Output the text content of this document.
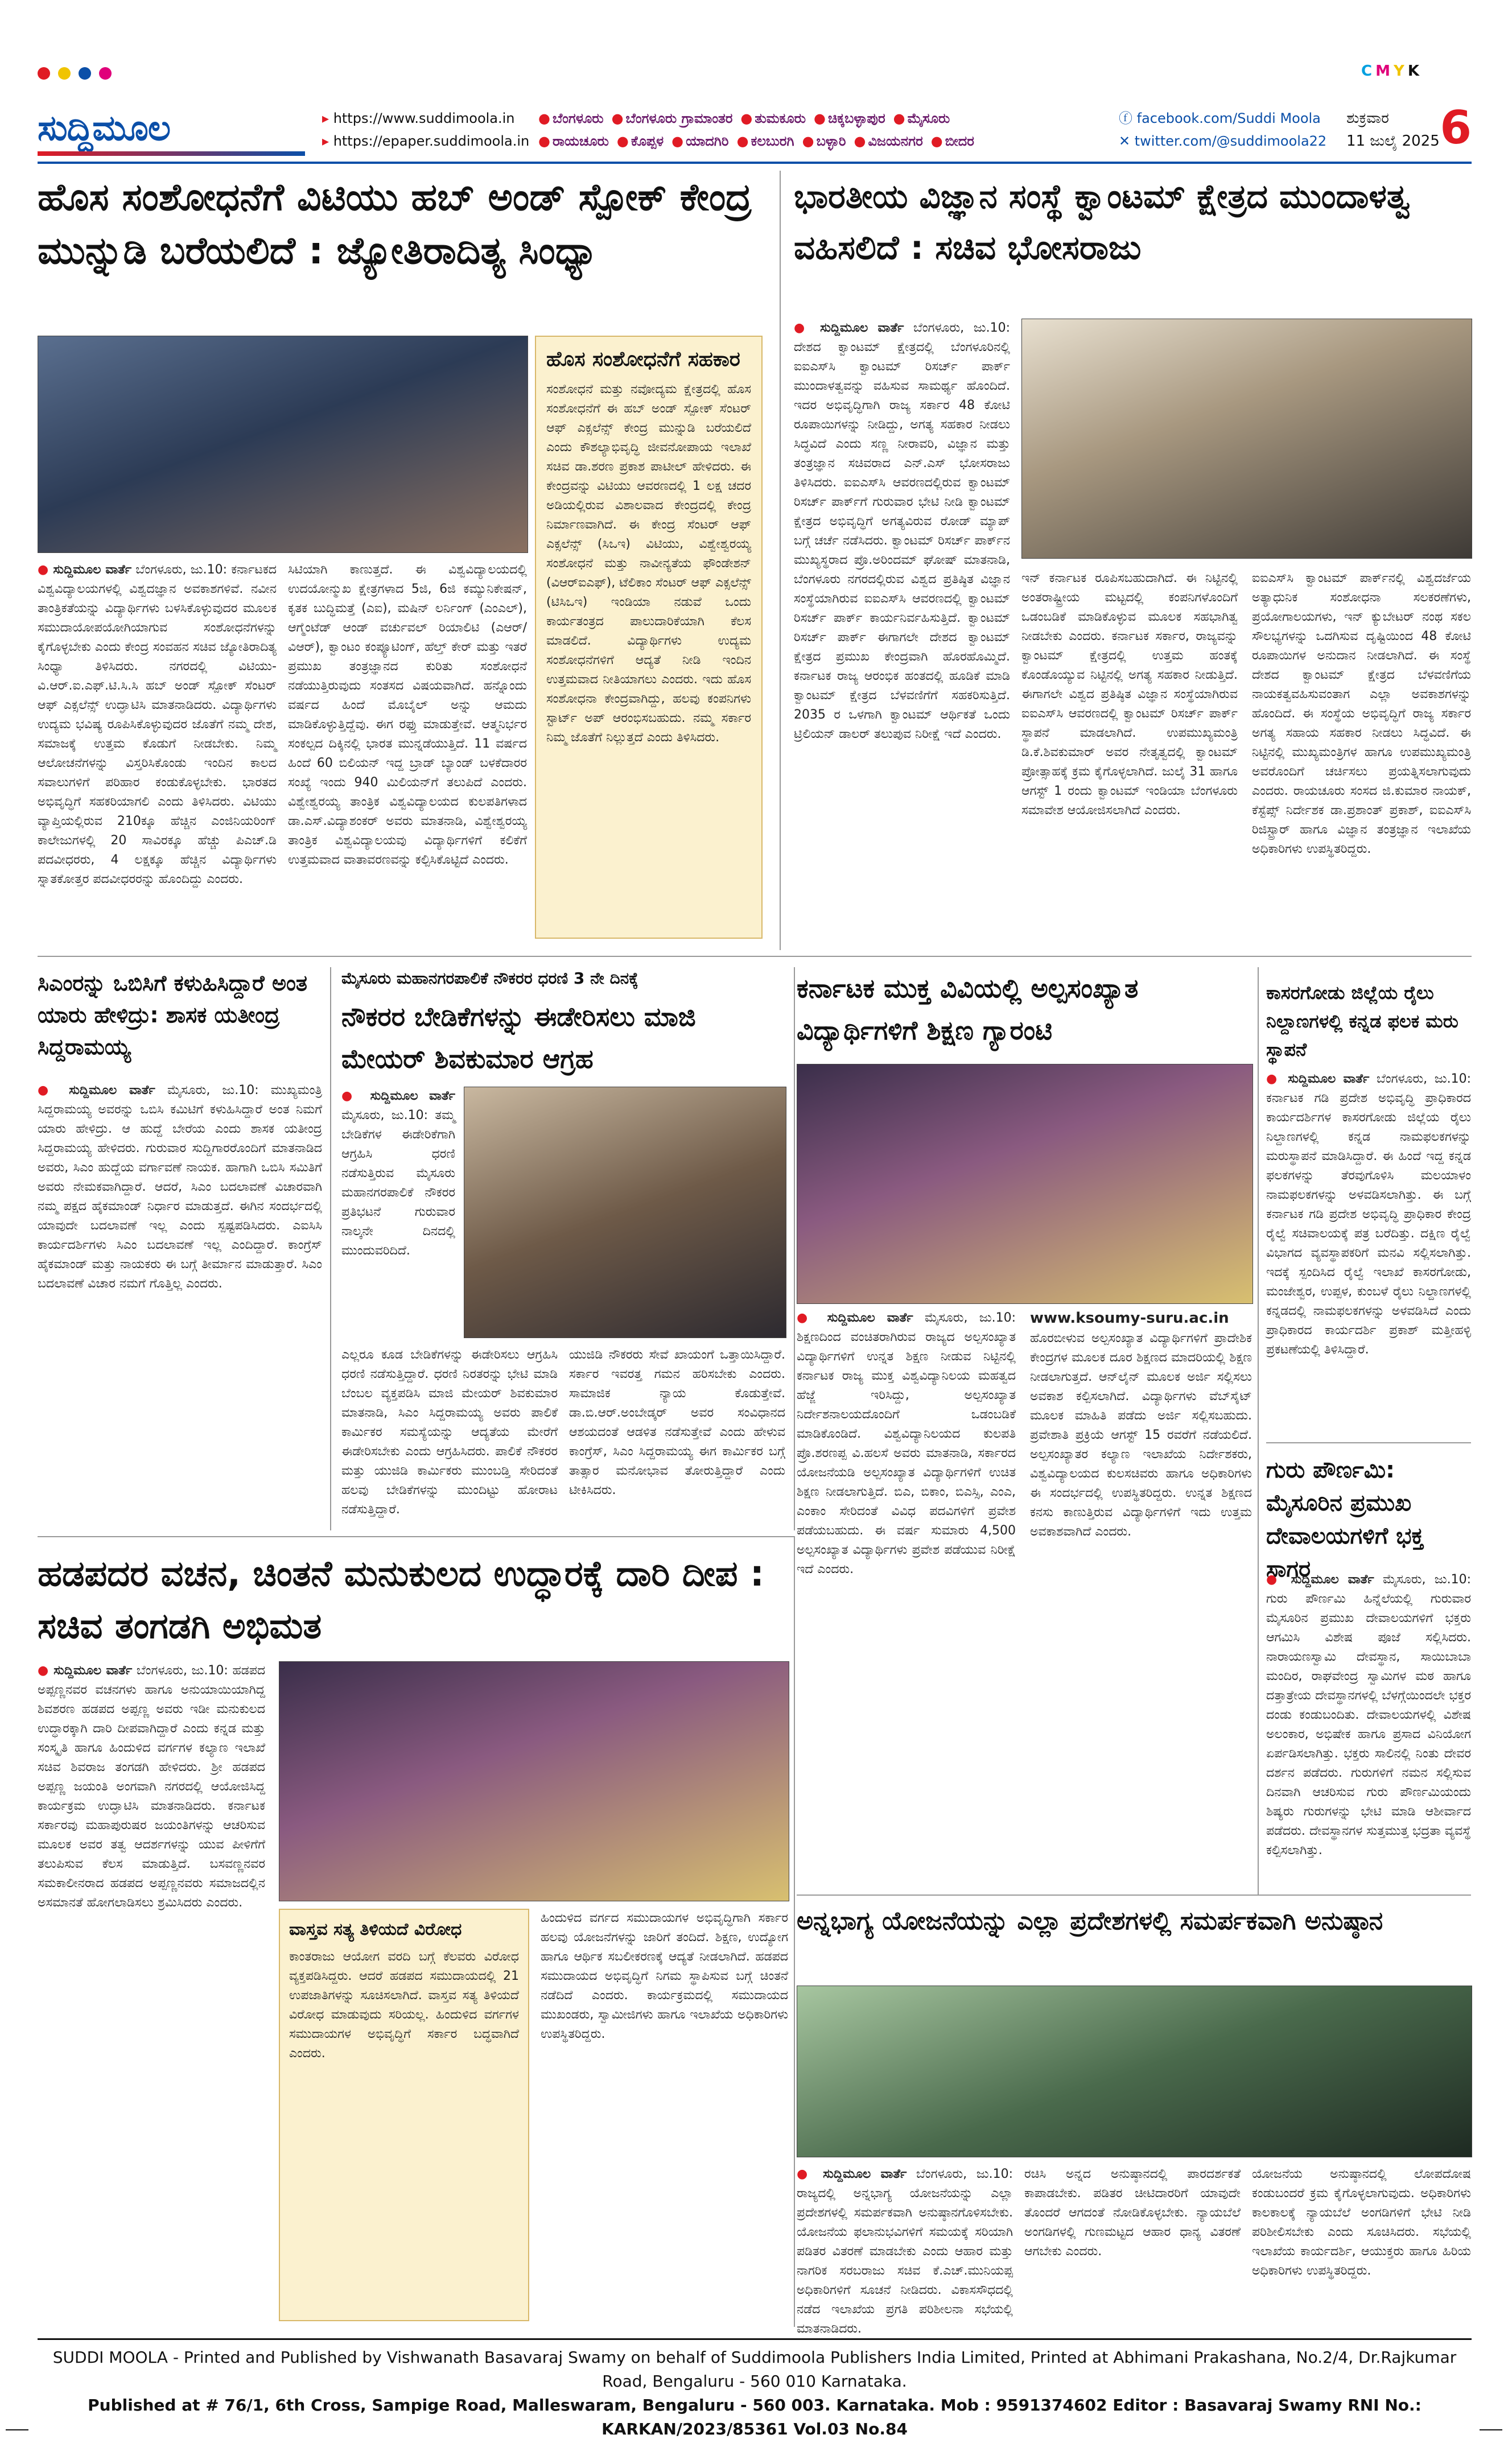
CMYK
ಸುದ್ದಿಮೂಲ	▸ https://www.suddimoola.in
▸ https://epaper.suddimoola.in
● ಬೆಂಗಳೂರು ● ಬೆಂಗಳೂರು ಗ್ರಾಮಾಂತರ ● ತುಮಕೂರು ● ಚಿಕ್ಕಬಳ್ಳಾಪುರ ● ಮೈಸೂರು
● ರಾಯಚೂರು ● ಕೊಪ್ಪಳ ● ಯಾದಗಿರಿ ● ಕಲಬುರಗಿ ● ಬಳ್ಳಾರಿ ● ವಿಜಯನಗರ ● ಬೀದರ
ⓕ facebook.com/Suddi Moola
✕ twitter.com/@suddimoola22
ಶುಕ್ರವಾರ
11 ಜುಲೈ 2025 6
ಹೊಸ ಸಂಶೋಧನೆಗೆ ವಿಟಿಯು ಹಬ್ ಅಂಡ್ ಸ್ಪೋಕ್ ಕೇಂದ್ರ ಮುನ್ನುಡಿ ಬರೆಯಲಿದೆ : ಜ್ಯೋತಿರಾದಿತ್ಯ ಸಿಂಧ್ಯಾ
ಹೊಸ ಸಂಶೋಧನೆಗೆ ಸಹಕಾರ
ಸಂಶೋಧನೆ ಮತ್ತು ನವೋದ್ಯಮ ಕ್ಷೇತ್ರದಲ್ಲಿ ಹೊಸ ಸಂಶೋಧನೆಗೆ ಈ ಹಬ್ ಅಂಡ್ ಸ್ಪೋಕ್ ಸೆಂಟರ್ ಆಫ್ ಎಕ್ಸಲೆನ್ಸ್ ಕೇಂದ್ರ ಮುನ್ನುಡಿ ಬರೆಯಲಿದೆ ಎಂದು ಕೌಶಲ್ಯಾಭಿವೃದ್ಧಿ ಜೀವನೋಪಾಯ ಇಲಾಖೆ ಸಚಿವ ಡಾ.ಶರಣ ಪ್ರಕಾಶ ಪಾಟೀಲ್ ಹೇಳಿದರು. ಈ ಕೇಂದ್ರವನ್ನು ವಿಟಿಯು ಆವರಣದಲ್ಲಿ 1 ಲಕ್ಷ ಚದರ ಅಡಿಯಲ್ಲಿರುವ ವಿಶಾಲವಾದ ಕೇಂದ್ರದಲ್ಲಿ ಕೇಂದ್ರ ನಿರ್ಮಾಣವಾಗಿದೆ. ಈ ಕೇಂದ್ರ ಸೆಂಟರ್ ಆಫ್ ಎಕ್ಸಲೆನ್ಸ್ (ಸಿಒಇ) ವಿಟಿಯು, ವಿಶ್ವೇಶ್ವರಯ್ಯ ಸಂಶೋಧನೆ ಮತ್ತು ನಾವೀನ್ಯತೆಯ ಫೌಂಡೇಶನ್ (ವಿಆರ್‌ಐಎಫ್), ಟೆಲಿಕಾಂ ಸೆಂಟರ್ ಆಫ್ ಎಕ್ಸಲೆನ್ಸ್ (ಟಿಸಿಒಇ) ಇಂಡಿಯಾ ನಡುವೆ ಒಂದು ಕಾರ್ಯತಂತ್ರದ ಪಾಲುದಾರಿಕೆಯಾಗಿ ಕೆಲಸ ಮಾಡಲಿದೆ. ವಿದ್ಯಾರ್ಥಿಗಳು ಉದ್ಯಮ ಸಂಶೋಧನೆಗಳಿಗೆ ಆದ್ಯತೆ ನೀಡಿ ಇಂದಿನ ಉತ್ತಮವಾದ ನೀತಿಯಾಗಲು ಎಂದರು. ಇದು ಹೊಸ ಸಂಶೋಧನಾ ಕೇಂದ್ರವಾಗಿದ್ದು, ಹಲವು ಕಂಪನಿಗಳು ಸ್ಟಾರ್ಟ್ ಅಪ್ ಆರಂಭಿಸಬಹುದು. ನಮ್ಮ ಸರ್ಕಾರ ನಿಮ್ಮ ಜೊತೆಗೆ ನಿಲ್ಲುತ್ತದೆ ಎಂದು ತಿಳಿಸಿದರು.
● ಸುದ್ದಿಮೂಲ ವಾರ್ತೆ ಬೆಂಗಳೂರು, ಜು.10: ಕರ್ನಾಟಕದ ವಿಶ್ವವಿದ್ಯಾಲಯಗಳಲ್ಲಿ ವಿಶ್ವದಜ್ಞಾನ ಅವಕಾಶಗಳಿವೆ. ನವೀನ ತಾಂತ್ರಿಕತೆಯನ್ನು ವಿದ್ಯಾರ್ಥಿಗಳು ಬಳಸಿಕೊಳ್ಳುವುದರ ಮೂಲಕ ಸಮುದಾಯೋಪಯೋಗಿಯಾಗುವ ಸಂಶೋಧನೆಗಳನ್ನು ಕೈಗೊಳ್ಳಬೇಕು ಎಂದು ಕೇಂದ್ರ ಸಂವಹನ ಸಚಿವ ಜ್ಯೋತಿರಾದಿತ್ಯ ಸಿಂಧ್ಯಾ ತಿಳಿಸಿದರು. ನಗರದಲ್ಲಿ ವಿಟಿಯು-ವಿ.ಆರ್.ಐ.ಎಫ್.ಟಿ.ಸಿ.ಸಿ ಹಬ್ ಅಂಡ್ ಸ್ಪೋಕ್ ಸೆಂಟರ್ ಆಫ್ ಎಕ್ಸಲೆನ್ಸ್ ಉದ್ಘಾಟಿಸಿ ಮಾತನಾಡಿದರು. ವಿದ್ಯಾರ್ಥಿಗಳು ಉದ್ಯಮ ಭವಿಷ್ಯ ರೂಪಿಸಿಕೊಳ್ಳುವುದರ ಜೊತೆಗೆ ನಮ್ಮ ದೇಶ, ಸಮಾಜಕ್ಕೆ ಉತ್ತಮ ಕೊಡುಗೆ ನೀಡಬೇಕು. ನಿಮ್ಮ ಆಲೋಚನೆಗಳನ್ನು ವಿಸ್ತರಿಸಿಕೊಂಡು ಇಂದಿನ ಕಾಲದ ಸವಾಲುಗಳಿಗೆ ಪರಿಹಾರ ಕಂಡುಕೊಳ್ಳಬೇಕು. ಭಾರತದ ಅಭಿವೃದ್ಧಿಗೆ ಸಹಕರಿಯಾಗಲಿ ಎಂದು ತಿಳಿಸಿದರು. ವಿಟಿಯು ವ್ಯಾಪ್ತಿಯಲ್ಲಿರುವ 210ಕ್ಕೂ ಹೆಚ್ಚಿನ ಎಂಜಿನಿಯರಿಂಗ್ ಕಾಲೇಜುಗಳಲ್ಲಿ 20 ಸಾವಿರಕ್ಕೂ ಹೆಚ್ಚು ಪಿಎಚ್.ಡಿ ಪದವೀಧರರು, 4 ಲಕ್ಷಕ್ಕೂ ಹೆಚ್ಚಿನ ವಿದ್ಯಾರ್ಥಿಗಳು ಸ್ನಾತಕೋತ್ತರ ಪದವೀಧರರನ್ನು ಹೊಂದಿದ್ದು ಎಂದರು.
ಸಿಟಿಯಾಗಿ ಕಾಣುತ್ತದೆ. ಈ ವಿಶ್ವವಿದ್ಯಾಲಯದಲ್ಲಿ ಉದಯೋನ್ಮುಖ ಕ್ಷೇತ್ರಗಳಾದ 5ಜಿ, 6ಜಿ ಕಮ್ಯುನಿಕೇಷನ್, ಕೃತಕ ಬುದ್ಧಿಮತ್ತೆ (ಎಐ), ಮಷಿನ್ ಲರ್ನಿಂಗ್ (ಎಂಎಲ್), ಆಗ್ಮೆಂಟೆಡ್ ಆಂಡ್ ವರ್ಚುವಲ್ ರಿಯಾಲಿಟಿ (ಎಆರ್/ವಿಆರ್), ಕ್ವಾಂಟಂ ಕಂಪ್ಯೂಟಿಂಗ್, ಹೆಲ್ತ್ ಕೇರ್ ಮತ್ತು ಇತರೆ ಪ್ರಮುಖ ತಂತ್ರಜ್ಞಾನದ ಕುರಿತು ಸಂಶೋಧನೆ ನಡೆಯುತ್ತಿರುವುದು ಸಂತಸದ ವಿಷಯವಾಗಿದೆ. ಹನ್ನೊಂದು ವರ್ಷದ ಹಿಂದೆ ಮೊಬೈಲ್ ಅನ್ನು ಆಮದು ಮಾಡಿಕೊಳ್ಳುತ್ತಿದ್ದೆವು. ಈಗ ರಫ್ತು ಮಾಡುತ್ತೇವೆ. ಆತ್ಮನಿರ್ಭರ ಸಂಕಲ್ಪದ ದಿಕ್ಕಿನಲ್ಲಿ ಭಾರತ ಮುನ್ನಡೆಯುತ್ತಿದೆ. 11 ವರ್ಷದ ಹಿಂದೆ 60 ಬಿಲಿಯನ್ ಇದ್ದ ಬ್ರಾಡ್ ಬ್ಯಾಂಡ್ ಬಳಕೆದಾರರ ಸಂಖ್ಯೆ ಇಂದು 940 ಮಿಲಿಯನ್‌ಗೆ ತಲುಪಿದೆ ಎಂದರು. ವಿಶ್ವೇಶ್ವರಯ್ಯ ತಾಂತ್ರಿಕ ವಿಶ್ವವಿದ್ಯಾಲಯದ ಕುಲಪತಿಗಳಾದ ಡಾ.ಎಸ್.ವಿದ್ಯಾಶಂಕರ್ ಅವರು ಮಾತನಾಡಿ, ವಿಶ್ವೇಶ್ವರಯ್ಯ ತಾಂತ್ರಿಕ ವಿಶ್ವವಿದ್ಯಾಲಯವು ವಿದ್ಯಾರ್ಥಿಗಳಿಗೆ ಕಲಿಕೆಗೆ ಉತ್ತಮವಾದ ವಾತಾವರಣವನ್ನು ಕಲ್ಪಿಸಿಕೊಟ್ಟಿದೆ ಎಂದರು.
ಭಾರತೀಯ ವಿಜ್ಞಾನ ಸಂಸ್ಥೆ ಕ್ವಾಂಟಮ್ ಕ್ಷೇತ್ರದ ಮುಂದಾಳತ್ವ ವಹಿಸಲಿದೆ : ಸಚಿವ ಭೋಸರಾಜು
● ಸುದ್ದಿಮೂಲ ವಾರ್ತೆ ಬೆಂಗಳೂರು, ಜು.10: ದೇಶದ ಕ್ವಾಂಟಮ್ ಕ್ಷೇತ್ರದಲ್ಲಿ ಬೆಂಗಳೂರಿನಲ್ಲಿ ಐಐಎಸ್‌ಸಿ ಕ್ವಾಂಟಮ್ ರಿಸರ್ಚ್ ಪಾರ್ಕ್ ಮುಂದಾಳತ್ವವನ್ನು ವಹಿಸುವ ಸಾಮರ್ಥ್ಯ ಹೊಂದಿದೆ. ಇದರ ಅಭಿವೃದ್ಧಿಗಾಗಿ ರಾಜ್ಯ ಸರ್ಕಾರ 48 ಕೋಟಿ ರೂಪಾಯಿಗಳನ್ನು ನೀಡಿದ್ದು, ಅಗತ್ಯ ಸಹಕಾರ ನೀಡಲು ಸಿದ್ಧವಿದೆ ಎಂದು ಸಣ್ಣ ನೀರಾವರಿ, ವಿಜ್ಞಾನ ಮತ್ತು ತಂತ್ರಜ್ಞಾನ ಸಚಿವರಾದ ಎನ್.ಎಸ್ ಭೋಸರಾಜು ತಿಳಿಸಿದರು. ಐಐಎಸ್‌ಸಿ ಆವರಣದಲ್ಲಿರುವ ಕ್ವಾಂಟಮ್ ರಿಸರ್ಚ್ ಪಾರ್ಕ್‌ಗೆ ಗುರುವಾರ ಭೇಟಿ ನೀಡಿ ಕ್ವಾಂಟಮ್ ಕ್ಷೇತ್ರದ ಅಭಿವೃದ್ಧಿಗೆ ಅಗತ್ಯವಿರುವ ರೋಡ್ ಮ್ಯಾಪ್ ಬಗ್ಗೆ ಚರ್ಚೆ ನಡೆಸಿದರು. ಕ್ವಾಂಟಮ್ ರಿಸರ್ಚ್ ಪಾರ್ಕ್‌ನ ಮುಖ್ಯಸ್ಥರಾದ ಪ್ರೊ.ಅರಿಂದಮ್ ಘೋಷ್ ಮಾತನಾಡಿ, ಬೆಂಗಳೂರು ನಗರದಲ್ಲಿರುವ ವಿಶ್ವದ ಪ್ರತಿಷ್ಠಿತ ವಿಜ್ಞಾನ ಸಂಸ್ಥೆಯಾಗಿರುವ ಐಐಎಸ್‌ಸಿ ಆವರಣದಲ್ಲಿ ಕ್ವಾಂಟಮ್ ರಿಸರ್ಚ್ ಪಾರ್ಕ್ ಕಾರ್ಯನಿರ್ವಹಿಸುತ್ತಿದೆ. ಕ್ವಾಂಟಮ್ ರಿಸರ್ಚ್ ಪಾರ್ಕ್ ಈಗಾಗಲೇ ದೇಶದ ಕ್ವಾಂಟಮ್ ಕ್ಷೇತ್ರದ ಪ್ರಮುಖ ಕೇಂದ್ರವಾಗಿ ಹೊರಹೊಮ್ಮಿದೆ. ಕರ್ನಾಟಕ ರಾಜ್ಯ ಆರಂಭಿಕ ಹಂತದಲ್ಲಿ ಹೂಡಿಕೆ ಮಾಡಿ ಕ್ವಾಂಟಮ್ ಕ್ಷೇತ್ರದ ಬೆಳವಣಿಗೆಗೆ ಸಹಕರಿಸುತ್ತಿದೆ. 2035 ರ ಒಳಗಾಗಿ ಕ್ವಾಂಟಮ್ ಆರ್ಥಿಕತೆ ಒಂದು ಟ್ರಿಲಿಯನ್ ಡಾಲರ್ ತಲುಪುವ ನಿರೀಕ್ಷೆ ಇದೆ ಎಂದರು.
ಇನ್ ಕರ್ನಾಟಕ ರೂಪಿಸಬಹುದಾಗಿದೆ. ಈ ನಿಟ್ಟಿನಲ್ಲಿ ಅಂತರಾಷ್ಟ್ರೀಯ ಮಟ್ಟದಲ್ಲಿ ಕಂಪನಿಗಳೊಂದಿಗೆ ಒಡಂಬಡಿಕೆ ಮಾಡಿಕೊಳ್ಳುವ ಮೂಲಕ ಸಹಭಾಗಿತ್ವ ನೀಡಬೇಕು ಎಂದರು. ಕರ್ನಾಟಕ ಸರ್ಕಾರ, ರಾಜ್ಯವನ್ನು ಕ್ವಾಂಟಮ್ ಕ್ಷೇತ್ರದಲ್ಲಿ ಉತ್ತಮ ಹಂತಕ್ಕೆ ಕೊಂಡೊಯ್ಯುವ ನಿಟ್ಟಿನಲ್ಲಿ ಅಗತ್ಯ ಸಹಕಾರ ನೀಡುತ್ತಿದೆ. ಈಗಾಗಲೇ ವಿಶ್ವದ ಪ್ರತಿಷ್ಠಿತ ವಿಜ್ಞಾನ ಸಂಸ್ಥೆಯಾಗಿರುವ ಐಐಎಸ್‌ಸಿ ಆವರಣದಲ್ಲಿ ಕ್ವಾಂಟಮ್ ರಿಸರ್ಚ್ ಪಾರ್ಕ್ ಸ್ಥಾಪನೆ ಮಾಡಲಾಗಿದೆ. ಉಪಮುಖ್ಯಮಂತ್ರಿ ಡಿ.ಕೆ.ಶಿವಕುಮಾರ್ ಅವರ ನೇತೃತ್ವದಲ್ಲಿ ಕ್ವಾಂಟಮ್ ಪ್ರೋತ್ಸಾಹಕ್ಕೆ ಕ್ರಮ ಕೈಗೊಳ್ಳಲಾಗಿದೆ. ಜುಲೈ 31 ಹಾಗೂ ಆಗಸ್ಟ್ 1 ರಂದು ಕ್ವಾಂಟಮ್ ಇಂಡಿಯಾ ಬೆಂಗಳೂರು ಸಮಾವೇಶ ಆಯೋಜಿಸಲಾಗಿದೆ ಎಂದರು.
ಐಐಎಸ್‌ಸಿ ಕ್ವಾಂಟಮ್ ಪಾರ್ಕ್‌ನಲ್ಲಿ ವಿಶ್ವದರ್ಜೆಯ ಅತ್ಯಾಧುನಿಕ ಸಂಶೋಧನಾ ಸಲಕರಣೆಗಳು, ಪ್ರಯೋಗಾಲಯಗಳು, ಇನ್ ಕ್ಯುಬೇಟರ್ ನಂಥ ಸಕಲ ಸೌಲಭ್ಯಗಳನ್ನು ಒದಗಿಸುವ ದೃಷ್ಟಿಯಿಂದ 48 ಕೋಟಿ ರೂಪಾಯಿಗಳ ಅನುದಾನ ನೀಡಲಾಗಿದೆ. ಈ ಸಂಸ್ಥೆ ದೇಶದ ಕ್ವಾಂಟಮ್ ಕ್ಷೇತ್ರದ ಬೆಳವಣಿಗೆಯ ನಾಯಕತ್ವವಹಿಸುವಂತಾಗ ಎಲ್ಲಾ ಅವಕಾಶಗಳನ್ನು ಹೊಂದಿದೆ. ಈ ಸಂಸ್ಥೆಯ ಅಭಿವೃದ್ಧಿಗೆ ರಾಜ್ಯ ಸರ್ಕಾರ ಅಗತ್ಯ ಸಹಾಯ ಸಹಕಾರ ನೀಡಲು ಸಿದ್ಧವಿದೆ. ಈ ನಿಟ್ಟಿನಲ್ಲಿ ಮುಖ್ಯಮಂತ್ರಿಗಳ ಹಾಗೂ ಉಪಮುಖ್ಯಮಂತ್ರಿ ಅವರೊಂದಿಗೆ ಚರ್ಚಿಸಲು ಪ್ರಯತ್ನಿಸಲಾಗುವುದು ಎಂದರು. ರಾಯಚೂರು ಸಂಸದ ಜಿ.ಕುಮಾರ ನಾಯಕ್, ಕೆಸ್ಟೆಪ್ಸ್ ನಿರ್ದೇಶಕ ಡಾ.ಪ್ರಶಾಂತ್ ಪ್ರಕಾಶ್, ಐಐಎಸ್‌ಸಿ ರಿಜಿಸ್ಟ್ರಾರ್ ಹಾಗೂ ವಿಜ್ಞಾನ ತಂತ್ರಜ್ಞಾನ ಇಲಾಖೆಯ ಅಧಿಕಾರಿಗಳು ಉಪಸ್ಥಿತರಿದ್ದರು.
ಸಿಎಂರನ್ನು ಒಬಿಸಿಗೆ ಕಳುಹಿಸಿದ್ದಾರೆ ಅಂತ ಯಾರು ಹೇಳಿದ್ರು: ಶಾಸಕ ಯತೀಂದ್ರ ಸಿದ್ದರಾಮಯ್ಯ
● ಸುದ್ದಿಮೂಲ ವಾರ್ತೆ ಮೈಸೂರು, ಜು.10: ಮುಖ್ಯಮಂತ್ರಿ ಸಿದ್ದರಾಮಯ್ಯ ಅವರನ್ನು ಒಬಿಸಿ ಕಮಿಟಿಗೆ ಕಳುಹಿಸಿದ್ದಾರೆ ಅಂತ ನಿಮಗೆ ಯಾರು ಹೇಳಿದ್ರು. ಆ ಹುದ್ದೆ ಬೇರೆಯ ಎಂದು ಶಾಸಕ ಯತೀಂದ್ರ ಸಿದ್ದರಾಮಯ್ಯ ಹೇಳಿದರು. ಗುರುವಾರ ಸುದ್ದಿಗಾರರೊಂದಿಗೆ ಮಾತನಾಡಿದ ಅವರು, ಸಿಎಂ ಹುದ್ದೆಯ ವರ್ಗಾವಣೆ ನಾಯಕ. ಹಾಗಾಗಿ ಒಬಿಸಿ ಸಮಿತಿಗೆ ಅವರು ನೇಮಕವಾಗಿದ್ದಾರೆ. ಆದರೆ, ಸಿಎಂ ಬದಲಾವಣೆ ವಿಚಾರವಾಗಿ ನಮ್ಮ ಪಕ್ಷದ ಹೈಕಮಾಂಡ್ ನಿರ್ಧಾರ ಮಾಡುತ್ತದೆ. ಈಗಿನ ಸಂದರ್ಭದಲ್ಲಿ ಯಾವುದೇ ಬದಲಾವಣೆ ಇಲ್ಲ ಎಂದು ಸ್ಪಷ್ಟಪಡಿಸಿದರು. ಎಐಸಿಸಿ ಕಾರ್ಯದರ್ಶಿಗಳು ಸಿಎಂ ಬದಲಾವಣೆ ಇಲ್ಲ ಎಂದಿದ್ದಾರೆ. ಕಾಂಗ್ರೆಸ್ ಹೈಕಮಾಂಡ್ ಮತ್ತು ನಾಯಕರು ಈ ಬಗ್ಗೆ ತೀರ್ಮಾನ ಮಾಡುತ್ತಾರೆ. ಸಿಎಂ ಬದಲಾವಣೆ ವಿಚಾರ ನಮಗೆ ಗೊತ್ತಿಲ್ಲ ಎಂದರು.
ಮೈಸೂರು ಮಹಾನಗರಪಾಲಿಕೆ ನೌಕರರ ಧರಣಿ 3 ನೇ ದಿನಕ್ಕೆ
ನೌಕರರ ಬೇಡಿಕೆಗಳನ್ನು ಈಡೇರಿಸಲು ಮಾಜಿ ಮೇಯರ್ ಶಿವಕುಮಾರ ಆಗ್ರಹ
● ಸುದ್ದಿಮೂಲ ವಾರ್ತೆ ಮೈಸೂರು, ಜು.10: ತಮ್ಮ ಬೇಡಿಕೆಗಳ ಈಡೇರಿಕೆಗಾಗಿ ಆಗ್ರಹಿಸಿ ಧರಣಿ ನಡೆಸುತ್ತಿರುವ ಮೈಸೂರು ಮಹಾನಗರಪಾಲಿಕೆ ನೌಕರರ ಪ್ರತಿಭಟನೆ ಗುರುವಾರ ನಾಲ್ಕನೇ ದಿನದಲ್ಲಿ ಮುಂದುವರಿದಿದೆ.
ಎಲ್ಲರೂ ಕೂಡ ಬೇಡಿಕೆಗಳನ್ನು ಈಡೇರಿಸಲು ಆಗ್ರಹಿಸಿ ಧರಣಿ ನಡೆಸುತ್ತಿದ್ದಾರೆ. ಧರಣಿ ನಿರತರನ್ನು ಭೇಟಿ ಮಾಡಿ ಬೆಂಬಲ ವ್ಯಕ್ತಪಡಿಸಿ ಮಾಜಿ ಮೇಯರ್ ಶಿವಕುಮಾರ ಮಾತನಾಡಿ, ಸಿಎಂ ಸಿದ್ದರಾಮಯ್ಯ ಅವರು ಪಾಲಿಕೆ ಕಾರ್ಮಿಕರ ಸಮಸ್ಯೆಯನ್ನು ಆದ್ಯತೆಯ ಮೇರೆಗೆ ಈಡೇರಿಸಬೇಕು ಎಂದು ಆಗ್ರಹಿಸಿದರು. ಪಾಲಿಕೆ ನೌಕರರ ಮತ್ತು ಯುಜಿಡಿ ಕಾರ್ಮಿಕರು ಮುಂಬಡ್ತಿ ಸೇರಿದಂತೆ ಹಲವು ಬೇಡಿಕೆಗಳನ್ನು ಮುಂದಿಟ್ಟು ಹೋರಾಟ ನಡೆಸುತ್ತಿದ್ದಾರೆ.
ಯುಜಿಡಿ ನೌಕರರು ಸೇವೆ ಖಾಯಂಗೆ ಒತ್ತಾಯಿಸಿದ್ದಾರೆ. ಸರ್ಕಾರ ಇವರತ್ತ ಗಮನ ಹರಿಸಬೇಕು ಎಂದರು. ಸಾಮಾಜಿಕ ನ್ಯಾಯ ಕೊಡುತ್ತೇವೆ. ಡಾ.ಬಿ.ಆರ್.ಅಂಬೇಡ್ಕರ್ ಅವರ ಸಂವಿಧಾನದ ಆಶಯದಂತೆ ಆಡಳಿತ ನಡೆಸುತ್ತೇವೆ ಎಂದು ಹೇಳುವ ಕಾಂಗ್ರೆಸ್, ಸಿಎಂ ಸಿದ್ದರಾಮಯ್ಯ ಈಗ ಕಾರ್ಮಿಕರ ಬಗ್ಗೆ ತಾತ್ಸಾರ ಮನೋಭಾವ ತೋರುತ್ತಿದ್ದಾರೆ ಎಂದು ಟೀಕಿಸಿದರು.
ಕರ್ನಾಟಕ ಮುಕ್ತ ವಿವಿಯಲ್ಲಿ ಅಲ್ಪಸಂಖ್ಯಾತ ವಿದ್ಯಾರ್ಥಿಗಳಿಗೆ ಶಿಕ್ಷಣ ಗ್ಯಾರಂಟಿ
● ಸುದ್ದಿಮೂಲ ವಾರ್ತೆ ಮೈಸೂರು, ಜು.10: ಶಿಕ್ಷಣದಿಂದ ವಂಚಿತರಾಗಿರುವ ರಾಜ್ಯದ ಅಲ್ಪಸಂಖ್ಯಾತ ವಿದ್ಯಾರ್ಥಿಗಳಿಗೆ ಉನ್ನತ ಶಿಕ್ಷಣ ನೀಡುವ ನಿಟ್ಟಿನಲ್ಲಿ ಕರ್ನಾಟಕ ರಾಜ್ಯ ಮುಕ್ತ ವಿಶ್ವವಿದ್ಯಾನಿಲಯ ಮಹತ್ವದ ಹೆಜ್ಜೆ ಇರಿಸಿದ್ದು, ಅಲ್ಪಸಂಖ್ಯಾತ ನಿರ್ದೇಶನಾಲಯದೊಂದಿಗೆ ಒಡಂಬಡಿಕೆ ಮಾಡಿಕೊಂಡಿದೆ. ವಿಶ್ವವಿದ್ಯಾನಿಲಯದ ಕುಲಪತಿ ಪ್ರೊ.ಶರಣಪ್ಪ ವಿ.ಹಲಸೆ ಅವರು ಮಾತನಾಡಿ, ಸರ್ಕಾರದ ಯೋಜನೆಯಡಿ ಅಲ್ಪಸಂಖ್ಯಾತ ವಿದ್ಯಾರ್ಥಿಗಳಿಗೆ ಉಚಿತ ಶಿಕ್ಷಣ ನೀಡಲಾಗುತ್ತಿದೆ. ಬಿಎ, ಬಿಕಾಂ, ಬಿಎಸ್ಸಿ, ಎಂಎ, ಎಂಕಾಂ ಸೇರಿದಂತೆ ವಿವಿಧ ಪದವಿಗಳಿಗೆ ಪ್ರವೇಶ ಪಡೆಯಬಹುದು. ಈ ವರ್ಷ ಸುಮಾರು 4,500 ಅಲ್ಪಸಂಖ್ಯಾತ ವಿದ್ಯಾರ್ಥಿಗಳು ಪ್ರವೇಶ ಪಡೆಯುವ ನಿರೀಕ್ಷೆ ಇದೆ ಎಂದರು.
www.ksoumy-suru.ac.in ಹೊರಬೀಳುವ ಅಲ್ಪಸಂಖ್ಯಾತ ವಿದ್ಯಾರ್ಥಿಗಳಿಗೆ ಪ್ರಾದೇಶಿಕ ಕೇಂದ್ರಗಳ ಮೂಲಕ ದೂರ ಶಿಕ್ಷಣದ ಮಾದರಿಯಲ್ಲಿ ಶಿಕ್ಷಣ ನೀಡಲಾಗುತ್ತದೆ. ಆನ್‌ಲೈನ್ ಮೂಲಕ ಅರ್ಜಿ ಸಲ್ಲಿಸಲು ಅವಕಾಶ ಕಲ್ಪಿಸಲಾಗಿದೆ. ವಿದ್ಯಾರ್ಥಿಗಳು ವೆಬ್‌ಸೈಟ್ ಮೂಲಕ ಮಾಹಿತಿ ಪಡೆದು ಅರ್ಜಿ ಸಲ್ಲಿಸಬಹುದು. ಪ್ರವೇಶಾತಿ ಪ್ರಕ್ರಿಯೆ ಆಗಸ್ಟ್ 15 ರವರೆಗೆ ನಡೆಯಲಿದೆ. ಅಲ್ಪಸಂಖ್ಯಾತರ ಕಲ್ಯಾಣ ಇಲಾಖೆಯ ನಿರ್ದೇಶಕರು, ವಿಶ್ವವಿದ್ಯಾಲಯದ ಕುಲಸಚಿವರು ಹಾಗೂ ಅಧಿಕಾರಿಗಳು ಈ ಸಂದರ್ಭದಲ್ಲಿ ಉಪಸ್ಥಿತರಿದ್ದರು. ಉನ್ನತ ಶಿಕ್ಷಣದ ಕನಸು ಕಾಣುತ್ತಿರುವ ವಿದ್ಯಾರ್ಥಿಗಳಿಗೆ ಇದು ಉತ್ತಮ ಅವಕಾಶವಾಗಿದೆ ಎಂದರು.
ಕಾಸರಗೋಡು ಜಿಲ್ಲೆಯ ರೈಲು ನಿಲ್ದಾಣಗಳಲ್ಲಿ ಕನ್ನಡ ಫಲಕ ಮರು ಸ್ಥಾಪನೆ
● ಸುದ್ದಿಮೂಲ ವಾರ್ತೆ ಬೆಂಗಳೂರು, ಜು.10: ಕರ್ನಾಟಕ ಗಡಿ ಪ್ರದೇಶ ಅಭಿವೃದ್ಧಿ ಪ್ರಾಧಿಕಾರದ ಕಾರ್ಯದರ್ಶಿಗಳ ಕಾಸರಗೋಡು ಜಿಲ್ಲೆಯ ರೈಲು ನಿಲ್ದಾಣಗಳಲ್ಲಿ ಕನ್ನಡ ನಾಮಫಲಕಗಳನ್ನು ಮರುಸ್ಥಾಪನೆ ಮಾಡಿಸಿದ್ದಾರೆ. ಈ ಹಿಂದೆ ಇದ್ದ ಕನ್ನಡ ಫಲಕಗಳನ್ನು ತೆರವುಗೊಳಿಸಿ ಮಲಯಾಳಂ ನಾಮಫಲಕಗಳನ್ನು ಅಳವಡಿಸಲಾಗಿತ್ತು. ಈ ಬಗ್ಗೆ ಕರ್ನಾಟಕ ಗಡಿ ಪ್ರದೇಶ ಅಭಿವೃದ್ಧಿ ಪ್ರಾಧಿಕಾರ ಕೇಂದ್ರ ರೈಲ್ವೆ ಸಚಿವಾಲಯಕ್ಕೆ ಪತ್ರ ಬರೆದಿತ್ತು. ದಕ್ಷಿಣ ರೈಲ್ವೆ ವಿಭಾಗದ ವ್ಯವಸ್ಥಾಪಕರಿಗೆ ಮನವಿ ಸಲ್ಲಿಸಲಾಗಿತ್ತು. ಇದಕ್ಕೆ ಸ್ಪಂದಿಸಿದ ರೈಲ್ವೆ ಇಲಾಖೆ ಕಾಸರಗೋಡು, ಮಂಜೇಶ್ವರ, ಉಪ್ಪಳ, ಕುಂಬಳೆ ರೈಲು ನಿಲ್ದಾಣಗಳಲ್ಲಿ ಕನ್ನಡದಲ್ಲಿ ನಾಮಫಲಕಗಳನ್ನು ಅಳವಡಿಸಿದೆ ಎಂದು ಪ್ರಾಧಿಕಾರದ ಕಾರ್ಯದರ್ಶಿ ಪ್ರಕಾಶ್ ಮತ್ತೀಹಳ್ಳಿ ಪ್ರಕಟಣೆಯಲ್ಲಿ ತಿಳಿಸಿದ್ದಾರೆ.
ಗುರು ಪೌರ್ಣಮಿ: ಮೈಸೂರಿನ ಪ್ರಮುಖ ದೇವಾಲಯಗಳಿಗೆ ಭಕ್ತ ಸಾಗರ
● ಸುದ್ದಿಮೂಲ ವಾರ್ತೆ ಮೈಸೂರು, ಜು.10: ಗುರು ಪೌರ್ಣಮಿ ಹಿನ್ನೆಲೆಯಲ್ಲಿ ಗುರುವಾರ ಮೈಸೂರಿನ ಪ್ರಮುಖ ದೇವಾಲಯಗಳಿಗೆ ಭಕ್ತರು ಆಗಮಿಸಿ ವಿಶೇಷ ಪೂಜೆ ಸಲ್ಲಿಸಿದರು. ನಾರಾಯಣಸ್ವಾಮಿ ದೇವಸ್ಥಾನ, ಸಾಯಿಬಾಬಾ ಮಂದಿರ, ರಾಘವೇಂದ್ರ ಸ್ವಾಮಿಗಳ ಮಠ ಹಾಗೂ ದತ್ತಾತ್ರೇಯ ದೇವಸ್ಥಾನಗಳಲ್ಲಿ ಬೆಳಗ್ಗೆಯಿಂದಲೇ ಭಕ್ತರ ದಂಡು ಕಂಡುಬಂದಿತು. ದೇವಾಲಯಗಳಲ್ಲಿ ವಿಶೇಷ ಅಲಂಕಾರ, ಅಭಿಷೇಕ ಹಾಗೂ ಪ್ರಸಾದ ವಿನಿಯೋಗ ಏರ್ಪಡಿಸಲಾಗಿತ್ತು. ಭಕ್ತರು ಸಾಲಿನಲ್ಲಿ ನಿಂತು ದೇವರ ದರ್ಶನ ಪಡೆದರು. ಗುರುಗಳಿಗೆ ನಮನ ಸಲ್ಲಿಸುವ ದಿನವಾಗಿ ಆಚರಿಸುವ ಗುರು ಪೌರ್ಣಮಿಯಂದು ಶಿಷ್ಯರು ಗುರುಗಳನ್ನು ಭೇಟಿ ಮಾಡಿ ಆಶೀರ್ವಾದ ಪಡೆದರು. ದೇವಸ್ಥಾನಗಳ ಸುತ್ತಮುತ್ತ ಭದ್ರತಾ ವ್ಯವಸ್ಥೆ ಕಲ್ಪಿಸಲಾಗಿತ್ತು.
ಹಡಪದರ ವಚನ, ಚಿಂತನೆ ಮನುಕುಲದ ಉದ್ಧಾರಕ್ಕೆ ದಾರಿ ದೀಪ : ಸಚಿವ ತಂಗಡಗಿ ಅಭಿಮತ
● ಸುದ್ದಿಮೂಲ ವಾರ್ತೆ ಬೆಂಗಳೂರು, ಜು.10: ಹಡಪದ ಅಪ್ಪಣ್ಣನವರ ವಚನಗಳು ಹಾಗೂ ಅನುಯಾಯಿಯಾಗಿದ್ದ ಶಿವಶರಣ ಹಡಪದ ಅಪ್ಪಣ್ಣ ಅವರು ಇಡೀ ಮನುಕುಲದ ಉದ್ಧಾರಕ್ಕಾಗಿ ದಾರಿ ದೀಪವಾಗಿದ್ದಾರೆ ಎಂದು ಕನ್ನಡ ಮತ್ತು ಸಂಸ್ಕೃತಿ ಹಾಗೂ ಹಿಂದುಳಿದ ವರ್ಗಗಳ ಕಲ್ಯಾಣ ಇಲಾಖೆ ಸಚಿವ ಶಿವರಾಜ ತಂಗಡಗಿ ಹೇಳಿದರು. ಶ್ರೀ ಹಡಪದ ಅಪ್ಪಣ್ಣ ಜಯಂತಿ ಅಂಗವಾಗಿ ನಗರದಲ್ಲಿ ಆಯೋಜಿಸಿದ್ದ ಕಾರ್ಯಕ್ರಮ ಉದ್ಘಾಟಿಸಿ ಮಾತನಾಡಿದರು. ಕರ್ನಾಟಕ ಸರ್ಕಾರವು ಮಹಾಪುರುಷರ ಜಯಂತಿಗಳನ್ನು ಆಚರಿಸುವ ಮೂಲಕ ಅವರ ತತ್ವ ಆದರ್ಶಗಳನ್ನು ಯುವ ಪೀಳಿಗೆಗೆ ತಲುಪಿಸುವ ಕೆಲಸ ಮಾಡುತ್ತಿದೆ. ಬಸವಣ್ಣನವರ ಸಮಕಾಲೀನರಾದ ಹಡಪದ ಅಪ್ಪಣ್ಣನವರು ಸಮಾಜದಲ್ಲಿನ ಅಸಮಾನತೆ ಹೋಗಲಾಡಿಸಲು ಶ್ರಮಿಸಿದರು ಎಂದರು.
ವಾಸ್ತವ ಸತ್ಯ ತಿಳಿಯದೆ ವಿರೋಧ
ಕಾಂತರಾಜು ಆಯೋಗ ವರದಿ ಬಗ್ಗೆ ಕೆಲವರು ವಿರೋಧ ವ್ಯಕ್ತಪಡಿಸಿದ್ದರು. ಆದರೆ ಹಡಪದ ಸಮುದಾಯದಲ್ಲಿ 21 ಉಪಜಾತಿಗಳನ್ನು ಸೂಚಿಸಲಾಗಿದೆ. ವಾಸ್ತವ ಸತ್ಯ ತಿಳಿಯದೆ ವಿರೋಧ ಮಾಡುವುದು ಸರಿಯಲ್ಲ. ಹಿಂದುಳಿದ ವರ್ಗಗಳ ಸಮುದಾಯಗಳ ಅಭಿವೃದ್ಧಿಗೆ ಸರ್ಕಾರ ಬದ್ಧವಾಗಿದೆ ಎಂದರು.
ಹಿಂದುಳಿದ ವರ್ಗದ ಸಮುದಾಯಗಳ ಅಭಿವೃದ್ಧಿಗಾಗಿ ಸರ್ಕಾರ ಹಲವು ಯೋಜನೆಗಳನ್ನು ಜಾರಿಗೆ ತಂದಿದೆ. ಶಿಕ್ಷಣ, ಉದ್ಯೋಗ ಹಾಗೂ ಆರ್ಥಿಕ ಸಬಲೀಕರಣಕ್ಕೆ ಆದ್ಯತೆ ನೀಡಲಾಗಿದೆ. ಹಡಪದ ಸಮುದಾಯದ ಅಭಿವೃದ್ಧಿಗೆ ನಿಗಮ ಸ್ಥಾಪಿಸುವ ಬಗ್ಗೆ ಚಿಂತನೆ ನಡೆದಿದೆ ಎಂದರು. ಕಾರ್ಯಕ್ರಮದಲ್ಲಿ ಸಮುದಾಯದ ಮುಖಂಡರು, ಸ್ವಾಮೀಜಿಗಳು ಹಾಗೂ ಇಲಾಖೆಯ ಅಧಿಕಾರಿಗಳು ಉಪಸ್ಥಿತರಿದ್ದರು.
ಅನ್ನಭಾಗ್ಯ ಯೋಜನೆಯನ್ನು ಎಲ್ಲಾ ಪ್ರದೇಶಗಳಲ್ಲಿ ಸಮರ್ಪಕವಾಗಿ ಅನುಷ್ಠಾನ
● ಸುದ್ದಿಮೂಲ ವಾರ್ತೆ ಬೆಂಗಳೂರು, ಜು.10: ರಾಜ್ಯದಲ್ಲಿ ಅನ್ನಭಾಗ್ಯ ಯೋಜನೆಯನ್ನು ಎಲ್ಲಾ ಪ್ರದೇಶಗಳಲ್ಲಿ ಸಮರ್ಪಕವಾಗಿ ಅನುಷ್ಠಾನಗೊಳಿಸಬೇಕು. ಯೋಜನೆಯ ಫಲಾನುಭವಿಗಳಿಗೆ ಸಮಯಕ್ಕೆ ಸರಿಯಾಗಿ ಪಡಿತರ ವಿತರಣೆ ಮಾಡಬೇಕು ಎಂದು ಆಹಾರ ಮತ್ತು ನಾಗರಿಕ ಸರಬರಾಜು ಸಚಿವ ಕೆ.ಎಚ್.ಮುನಿಯಪ್ಪ ಅಧಿಕಾರಿಗಳಿಗೆ ಸೂಚನೆ ನೀಡಿದರು. ವಿಕಾಸಸೌಧದಲ್ಲಿ ನಡೆದ ಇಲಾಖೆಯ ಪ್ರಗತಿ ಪರಿಶೀಲನಾ ಸಭೆಯಲ್ಲಿ ಮಾತನಾಡಿದರು.
ರಚಿಸಿ ಅನ್ನದ ಅನುಷ್ಠಾನದಲ್ಲಿ ಪಾರದರ್ಶಕತೆ ಕಾಪಾಡಬೇಕು. ಪಡಿತರ ಚೀಟಿದಾರರಿಗೆ ಯಾವುದೇ ತೊಂದರೆ ಆಗದಂತೆ ನೋಡಿಕೊಳ್ಳಬೇಕು. ನ್ಯಾಯಬೆಲೆ ಅಂಗಡಿಗಳಲ್ಲಿ ಗುಣಮಟ್ಟದ ಆಹಾರ ಧಾನ್ಯ ವಿತರಣೆ ಆಗಬೇಕು ಎಂದರು.
ಯೋಜನೆಯ ಅನುಷ್ಠಾನದಲ್ಲಿ ಲೋಪದೋಷ ಕಂಡುಬಂದರೆ ಕ್ರಮ ಕೈಗೊಳ್ಳಲಾಗುವುದು. ಅಧಿಕಾರಿಗಳು ಕಾಲಕಾಲಕ್ಕೆ ನ್ಯಾಯಬೆಲೆ ಅಂಗಡಿಗಳಿಗೆ ಭೇಟಿ ನೀಡಿ ಪರಿಶೀಲಿಸಬೇಕು ಎಂದು ಸೂಚಿಸಿದರು. ಸಭೆಯಲ್ಲಿ ಇಲಾಖೆಯ ಕಾರ್ಯದರ್ಶಿ, ಆಯುಕ್ತರು ಹಾಗೂ ಹಿರಿಯ ಅಧಿಕಾರಿಗಳು ಉಪಸ್ಥಿತರಿದ್ದರು.
SUDDI MOOLA - Printed and Published by Vishwanath Basavaraj Swamy on behalf of Suddimoola Publishers India Limited, Printed at Abhimani Prakashana, No.2/4, Dr.Rajkumar Road, Bengaluru - 560 010 Karnataka.
Published at # 76/1, 6th Cross, Sampige Road, Malleswaram, Bengaluru - 560 003. Karnataka. Mob : 9591374602 Editor : Basavaraj Swamy RNI No.: KARKAN/2023/85361 Vol.03 No.84
